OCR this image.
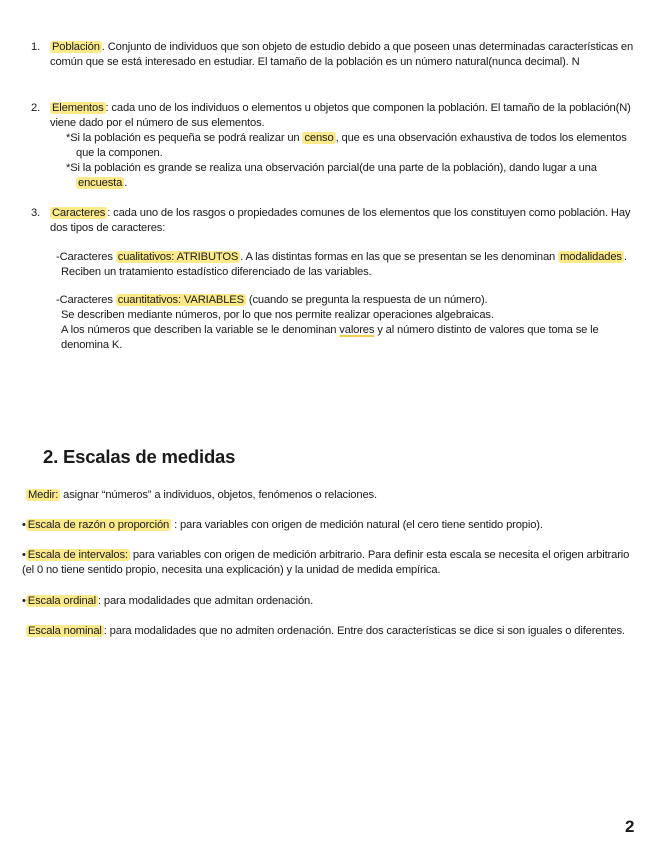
1.	Población . Conjunto de individuos que son objeto de estudio debido a que poseen unas determinadas características en común que se está interesado en estudiar. El tamaño de la población es un número natural(nunca decimal). N

2.	Elementos : cada uno de los individuos o elementos u objetos que componen la población. El tamaño de la población(N) viene dado por el número de sus elementos.

*Si la población es pequeña se podrá realizar un censo , que es una observación exhaustiva de todos los elementos que la componen.

*Si la población es grande se realiza una observación parcial(de una parte de la población), dando lugar a una encuesta .

3.	Caracteres : cada uno de los rasgos o propiedades comunes de los elementos que los constituyen como población. Hay dos tipos de caracteres:

-Caracteres cualitativos: ATRIBUTOS . A las distintas formas en las que se presentan se les denominan modalidades .

Reciben un tratamiento estadístico diferenciado de las variables.

-Caracteres cuantitativos: VARIABLES (cuando se pregunta la respuesta de un número).

Se describen mediante números, por lo que nos permite realizar operaciones algebraicas.

A los números que describen la variable se le denominan valores y al número distinto de valores que toma se le denomina K.

2. Escalas de medidas

Medir: asignar “números” a individuos, objetos, fenómenos o relaciones.

• Escala de razón o proporción : para variables con origen de medición natural (el cero tiene sentido propio).

• Escala de intervalos: para variables con origen de medición arbitrario. Para definir esta escala se necesita el origen arbitrario (el 0 no tiene sentido propio, necesita una explicación) y la unidad de medida empírica.

• Escala ordinal : para modalidades que admitan ordenación.

Escala nominal : para modalidades que no admiten ordenación. Entre dos características se dice si son iguales o diferentes.

2
